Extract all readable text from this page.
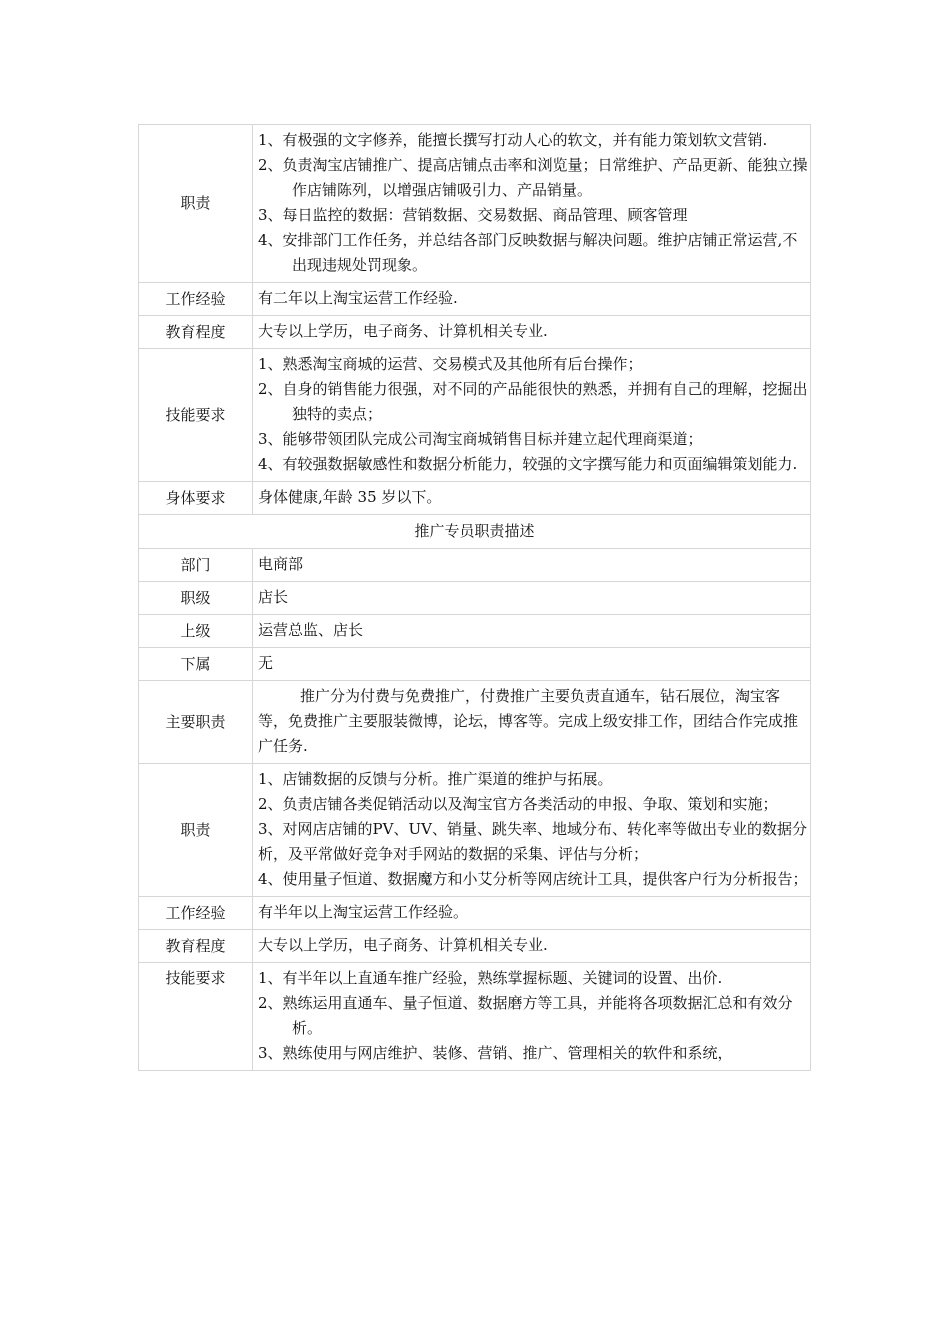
职责	1、有极强的文字修养，能擅长撰写打动人心的软文，并有能力策划软文营销.
2、负责淘宝店铺推广、提高店铺点击率和浏览量；日常维护、产品更新、能独立操作店铺陈列，以增强店铺吸引力、产品销量。
3、每日监控的数据：营销数据、交易数据、商品管理、顾客管理
4、安排部门工作任务，并总结各部门反映数据与解决问题。维护店铺正常运营,不出现违规处罚现象。

工作经验	有二年以上淘宝运营工作经验.
教育程度	大专以上学历，电子商务、计算机相关专业.
技能要求	1、熟悉淘宝商城的运营、交易模式及其他所有后台操作；
2、自身的销售能力很强，对不同的产品能很快的熟悉，并拥有自己的理解，挖掘出独特的卖点；
3、能够带领团队完成公司淘宝商城销售目标并建立起代理商渠道；
4、有较强数据敏感性和数据分析能力，较强的文字撰写能力和页面编辑策划能力.

身体要求	身体健康,年龄 35 岁以下。
推广专员职责描述	
部门	电商部
职级	店长
上级	运营总监、店长
下属	无
主要职责	推广分为付费与免费推广，付费推广主要负责直通车，钻石展位，淘宝客等，免费推广主要服装微博，论坛，博客等。完成上级安排工作，团结合作完成推广任务.

职责	1、店铺数据的反馈与分析。推广渠道的维护与拓展。
2、负责店铺各类促销活动以及淘宝官方各类活动的申报、争取、策划和实施；
3、对网店店铺的PV、UV、销量、跳失率、地域分布、转化率等做出专业的数据分析，及平常做好竞争对手网站的数据的采集、评估与分析；
4、使用量子恒道、数据魔方和小艾分析等网店统计工具，提供客户行为分析报告；

工作经验	有半年以上淘宝运营工作经验。
教育程度	大专以上学历，电子商务、计算机相关专业.
技能要求	1、有半年以上直通车推广经验，熟练掌握标题、关键词的设置、出价.
2、熟练运用直通车、量子恒道、数据磨方等工具，并能将各项数据汇总和有效分析。
3、熟练使用与网店维护、装修、营销、推广、管理相关的软件和系统，
